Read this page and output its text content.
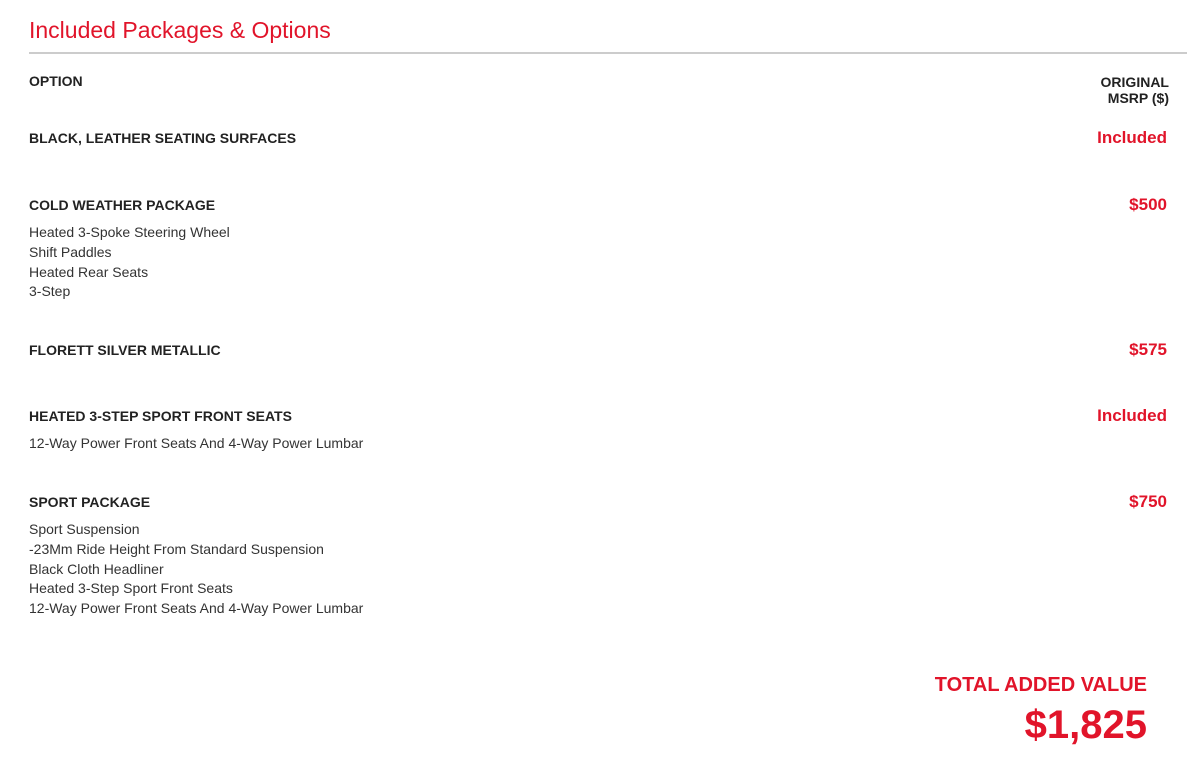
Included Packages & Options
OPTION	ORIGINAL
MSRP ($)
BLACK, LEATHER SEATING SURFACES	Included
COLD WEATHER PACKAGE	$500
Heated 3-Spoke Steering Wheel
Shift Paddles
Heated Rear Seats
3-Step
FLORETT SILVER METALLIC	$575
HEATED 3-STEP SPORT FRONT SEATS	Included
12-Way Power Front Seats And 4-Way Power Lumbar
SPORT PACKAGE	$750
Sport Suspension
-23Mm Ride Height From Standard Suspension
Black Cloth Headliner
Heated 3-Step Sport Front Seats
12-Way Power Front Seats And 4-Way Power Lumbar
TOTAL ADDED VALUE
$1,825
